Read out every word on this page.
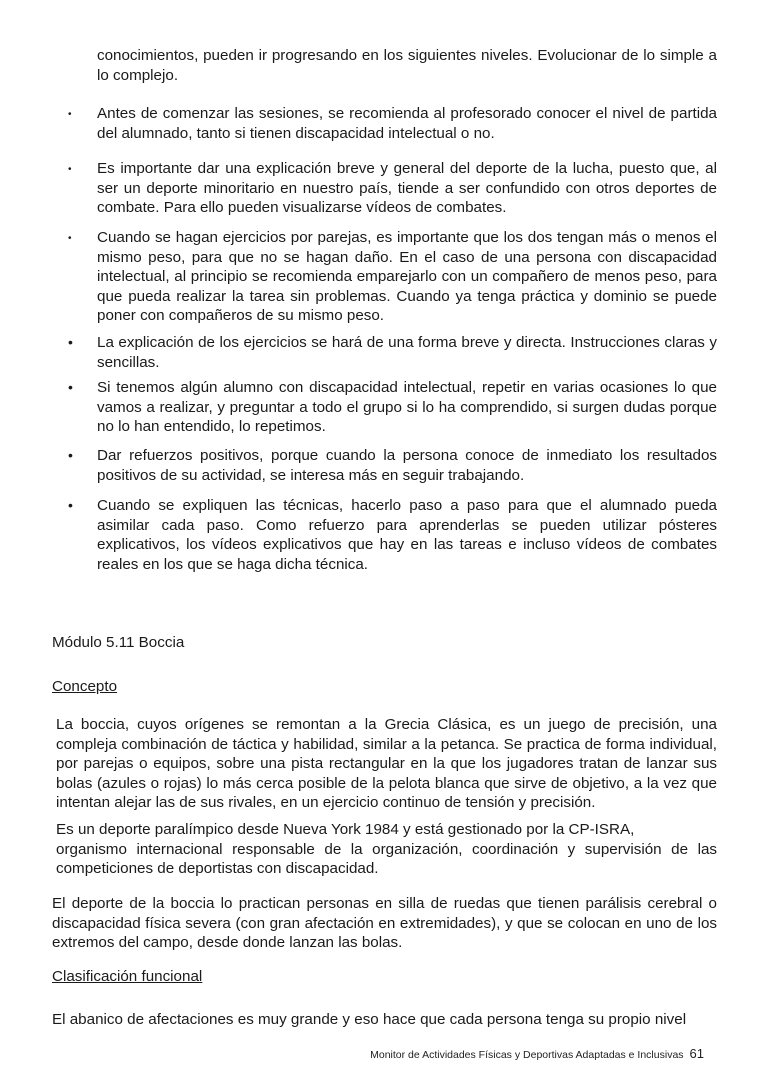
conocimientos, pueden ir progresando en los siguientes niveles. Evolucionar de lo simple a lo complejo.

• Antes de comenzar las sesiones, se recomienda al profesorado conocer el nivel de partida del alumnado, tanto si tienen discapacidad intelectual o no.
• Es importante dar una explicación breve y general del deporte de la lucha, puesto que, al ser un deporte minoritario en nuestro país, tiende a ser confundido con otros deportes de combate. Para ello pueden visualizarse vídeos de combates.
• Cuando se hagan ejercicios por parejas, es importante que los dos tengan más o menos el mismo peso, para que no se hagan daño. En el caso de una persona con discapacidad intelectual, al principio se recomienda emparejarlo con un compañero de menos peso, para que pueda realizar la tarea sin problemas. Cuando ya tenga práctica y dominio se puede poner con compañeros de su mismo peso.
• La explicación de los ejercicios se hará de una forma breve y directa. Instrucciones claras y sencillas.
• Si tenemos algún alumno con discapacidad intelectual, repetir en varias ocasiones lo que vamos a realizar, y preguntar a todo el grupo si lo ha comprendido, si surgen dudas porque no lo han entendido, lo repetimos.
• Dar refuerzos positivos, porque cuando la persona conoce de inmediato los resultados positivos de su actividad, se interesa más en seguir trabajando.
• Cuando se expliquen las técnicas, hacerlo paso a paso para que el alumnado pueda asimilar cada paso. Como refuerzo para aprenderlas se pueden utilizar pósteres explicativos, los vídeos explicativos que hay en las tareas e incluso vídeos de combates reales en los que se haga dicha técnica.
Módulo 5.11 Boccia
Concepto

La boccia, cuyos orígenes se remontan a la Grecia Clásica, es un juego de precisión, una compleja combinación de táctica y habilidad, similar a la petanca. Se practica de forma individual, por parejas o equipos, sobre una pista rectangular en la que los jugadores tratan de lanzar sus bolas (azules o rojas) lo más cerca posible de la pelota blanca que sirve de objetivo, a la vez que intentan alejar las de sus rivales, en un ejercicio continuo de tensión y precisión.

Es un deporte paralímpico desde Nueva York 1984 y está gestionado por la CP-ISRA,

organismo internacional responsable de la organización, coordinación y supervisión de las competiciones de deportistas con discapacidad.

El deporte de la boccia lo practican personas en silla de ruedas que tienen parálisis cerebral o discapacidad física severa (con gran afectación en extremidades), y que se colocan en uno de los extremos del campo, desde donde lanzan las bolas.

Clasificación funcional

El abanico de afectaciones es muy grande y eso hace que cada persona tenga su propio nivel

Monitor de Actividades Físicas y Deportivas Adaptadas e Inclusivas 61
